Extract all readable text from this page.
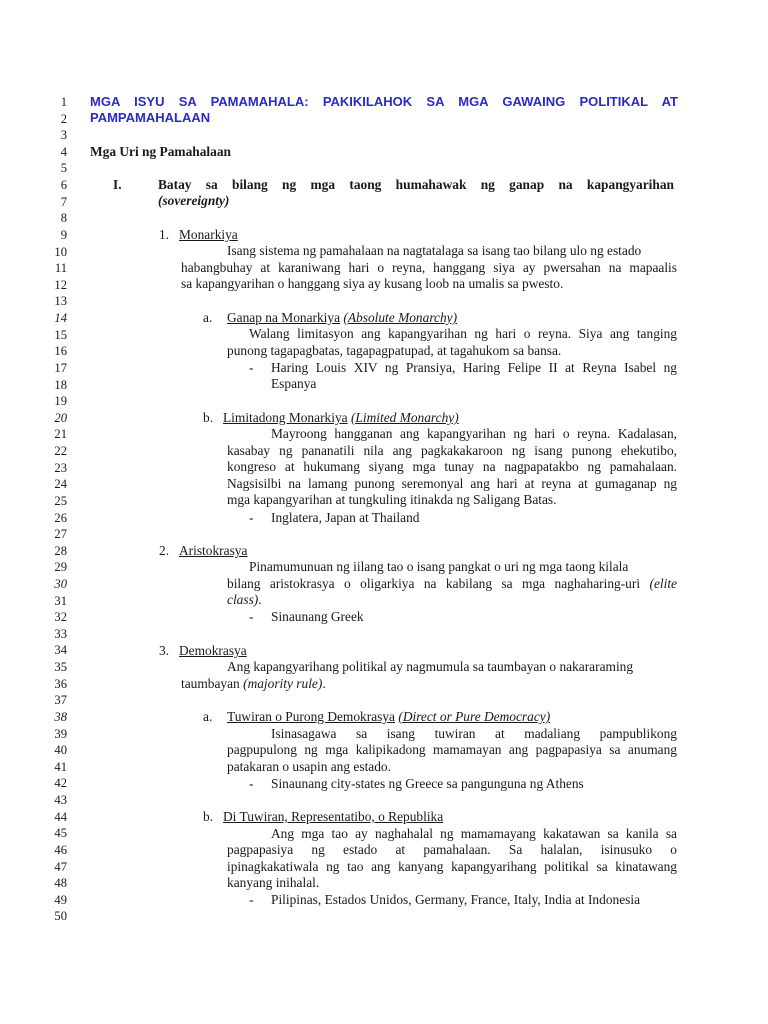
1
2
3
4
5
6
7
8
9
10
11
12
13
14
15
16
17
18
19
20
21
22
23
24
25
26
27
28
29
30
31
32
33
34
35
36
37
38
39
40
41
42
43
44
45
46
47
48
49
50
MGA ISYU SA PAMAMAHALA: PAKIKILAHOK SA MGA GAWAING POLITIKAL AT
PAMPAMAHALAAN
Mga Uri ng Pamahalaan
I.	Batay sa bilang ng mga taong humahawak ng ganap na kapangyarihan
(sovereignty)
1. Monarkiya
Isang sistema ng pamahalaan na nagtatalaga sa isang tao bilang ulo ng estado
habangbuhay at karaniwang hari o reyna, hanggang siya ay pwersahan na mapaalis
sa kapangyarihan o hanggang siya ay kusang loob na umalis sa pwesto.
a. Ganap na Monarkiya (Absolute Monarchy)
Walang limitasyon ang kapangyarihan ng hari o reyna. Siya ang tanging
punong tagapagbatas, tagapagpatupad, at tagahukom sa bansa.
- Haring Louis XIV ng Pransiya, Haring Felipe II at Reyna Isabel ng
Espanya
b. Limitadong Monarkiya (Limited Monarchy)
Mayroong hangganan ang kapangyarihan ng hari o reyna. Kadalasan,
kasabay ng pananatili nila ang pagkakakaroon ng isang punong ehekutibo,
kongreso at hukumang siyang mga tunay na nagpapatakbo ng pamahalaan.
Nagsisilbi na lamang punong seremonyal ang hari at reyna at gumaganap ng
mga kapangyarihan at tungkuling itinakda ng Saligang Batas.
- Inglatera, Japan at Thailand
2. Aristokrasya
Pinamumunuan ng iilang tao o isang pangkat o uri ng mga taong kilala
bilang aristokrasya o oligarkiya na kabilang sa mga naghaharing-uri (elite
class).
- Sinaunang Greek
3. Demokrasya
Ang kapangyarihang politikal ay nagmumula sa taumbayan o nakararaming
taumbayan (majority rule).
a. Tuwiran o Purong Demokrasya (Direct or Pure Democracy)
Isinasagawa sa isang tuwiran at madaliang pampublikong
pagpupulong ng mga kalipikadong mamamayan ang pagpapasiya sa anumang
patakaran o usapin ang estado.
- Sinaunang city-states ng Greece sa pangunguna ng Athens
b. Di Tuwiran, Representatibo, o Republika
Ang mga tao ay naghahalal ng mamamayang kakatawan sa kanila sa
pagpapasiya ng estado at pamahalaan. Sa halalan, isinusuko o
ipinagkakatiwala ng tao ang kanyang kapangyarihang politikal sa kinatawang
kanyang inihalal.
- Pilipinas, Estados Unidos, Germany, France, Italy, India at Indonesia
